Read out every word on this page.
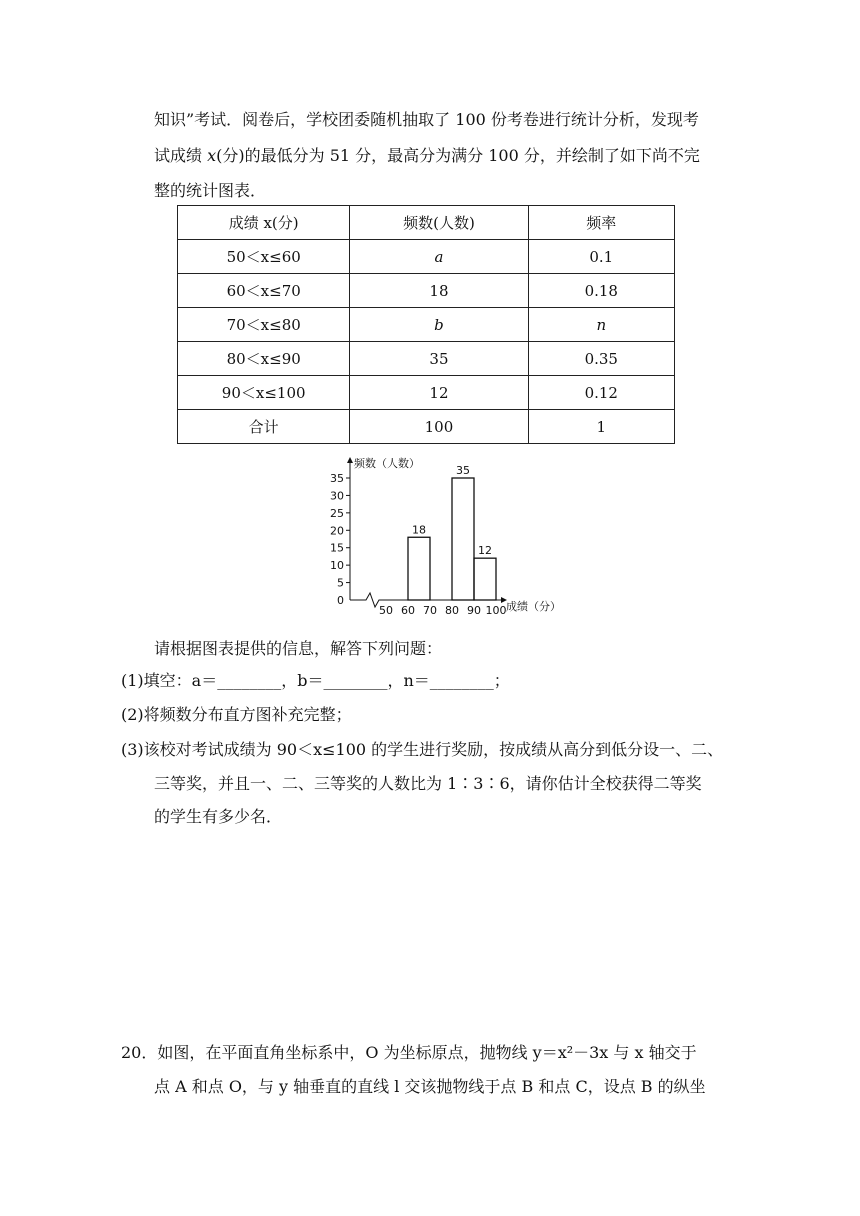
知识”考试．阅卷后，学校团委随机抽取了 100 份考卷进行统计分析，发现考
试成绩 x(分)的最低分为 51 分，最高分为满分 100 分，并绘制了如下尚不完
整的统计图表．
成绩 x(分)	频数(人数)	频率
50＜x≤60	a	0.1
60＜x≤70	18	0.18
70＜x≤80	b	n
80＜x≤90	35	0.35
90＜x≤100	12	0.12
合计	100	1
频数（人数）
成绩（分）
0
5
10
15
20
25
30
35
50 60 70 80 90 100
18
35
12
请根据图表提供的信息，解答下列问题：
(1)填空：a＝________，b＝________，n＝________；
(2)将频数分布直方图补充完整；
(3)该校对考试成绩为 90＜x≤100 的学生进行奖励，按成绩从高分到低分设一、二、
三等奖，并且一、二、三等奖的人数比为 1∶3∶6，请你估计全校获得二等奖
的学生有多少名．
20．如图，在平面直角坐标系中，O 为坐标原点，抛物线 y＝x²－3x 与 x 轴交于
点 A 和点 O，与 y 轴垂直的直线 l 交该抛物线于点 B 和点 C，设点 B 的纵坐
